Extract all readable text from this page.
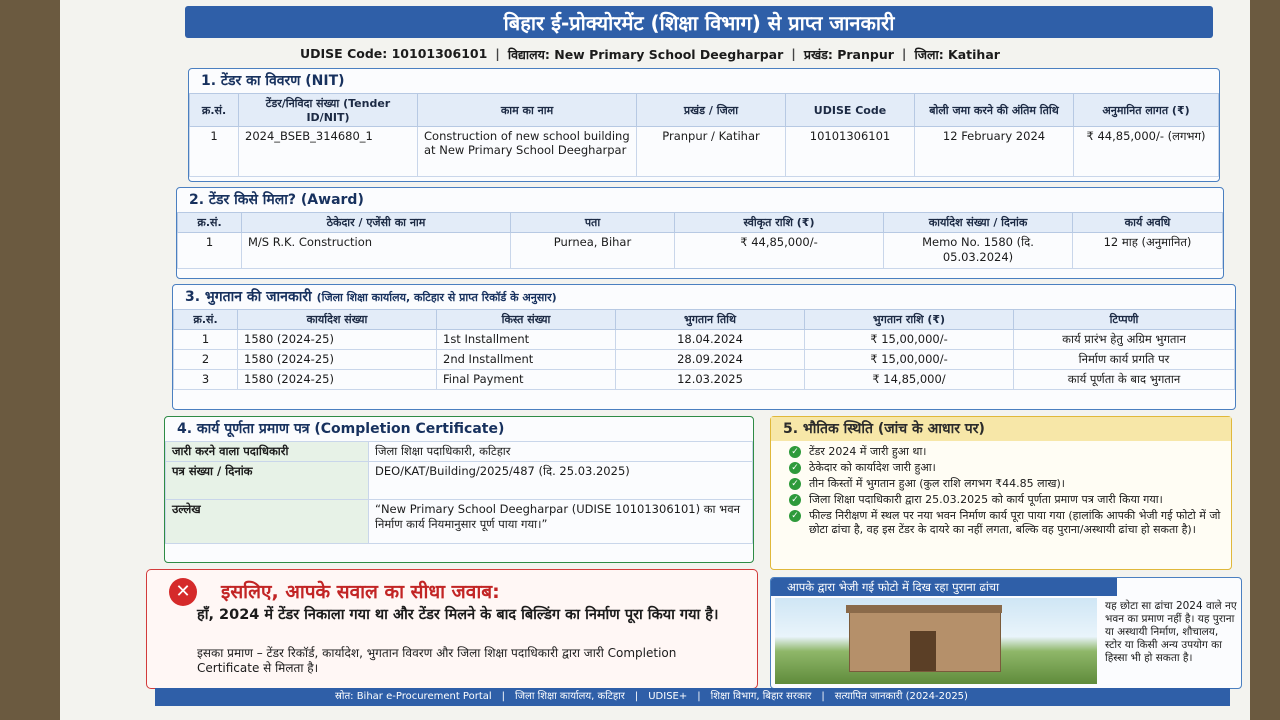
बिहार ई-प्रोक्योरमेंट (शिक्षा विभाग) से प्राप्त जानकारी
UDISE Code: 10101306101 | विद्यालय: New Primary School Deegharpar | प्रखंड: Pranpur | जिला: Katihar
1. टेंडर का विवरण (NIT)
क्र.सं.	टेंडर/निविदा संख्या (Tender ID/NIT)	काम का नाम	प्रखंड / जिला	UDISE Code	बोली जमा करने की अंतिम तिथि	अनुमानित लागत (₹)
1	2024_BSEB_314680_1	Construction of new school building at New Primary School Deegharpar	Pranpur / Katihar	10101306101	12 February 2024	₹ 44,85,000/- (लगभग)
2. टेंडर किसे मिला? (Award)
क्र.सं.	ठेकेदार / एजेंसी का नाम	पता	स्वीकृत राशि (₹)	कार्यादेश संख्या / दिनांक	कार्य अवधि
1	M/S R.K. Construction	Purnea, Bihar	₹ 44,85,000/-	Memo No. 1580 (दि. 05.03.2024)	12 माह (अनुमानित)
3. भुगतान की जानकारी (जिला शिक्षा कार्यालय, कटिहार से प्राप्त रिकॉर्ड के अनुसार)
क्र.सं.	कार्यादेश संख्या	किस्त संख्या	भुगतान तिथि	भुगतान राशि (₹)	टिप्पणी
1	1580 (2024-25)	1st Installment	18.04.2024	₹ 15,00,000/-	कार्य प्रारंभ हेतु अग्रिम भुगतान
2	1580 (2024-25)	2nd Installment	28.09.2024	₹ 15,00,000/-	निर्माण कार्य प्रगति पर
3	1580 (2024-25)	Final Payment	12.03.2025	₹ 14,85,000/	कार्य पूर्णता के बाद भुगतान
4. कार्य पूर्णता प्रमाण पत्र (Completion Certificate)
जारी करने वाला पदाधिकारी	जिला शिक्षा पदाधिकारी, कटिहार
पत्र संख्या / दिनांक	DEO/KAT/Building/2025/487 (दि. 25.03.2025)
उल्लेख	“New Primary School Deegharpar (UDISE 10101306101) का भवन निर्माण कार्य नियमानुसार पूर्ण पाया गया।”
5. भौतिक स्थिति (जांच के आधार पर)
✓ टेंडर 2024 में जारी हुआ था।
✓ ठेकेदार को कार्यादेश जारी हुआ।
✓ तीन किस्तों में भुगतान हुआ (कुल राशि लगभग ₹44.85 लाख)।
✓ जिला शिक्षा पदाधिकारी द्वारा 25.03.2025 को कार्य पूर्णता प्रमाण पत्र जारी किया गया।
✓ फील्ड निरीक्षण में स्थल पर नया भवन निर्माण कार्य पूरा पाया गया (हालांकि आपकी भेजी गई फोटो में जो छोटा ढांचा है, वह इस टेंडर के दायरे का नहीं लगता, बल्कि वह पुराना/अस्थायी ढांचा हो सकता है)।
✕	इसलिए, आपके सवाल का सीधा जवाब:
हाँ, 2024 में टेंडर निकाला गया था और टेंडर मिलने के बाद बिल्डिंग का निर्माण पूरा किया गया है।
इसका प्रमाण – टेंडर रिकॉर्ड, कार्यादेश, भुगतान विवरण और जिला शिक्षा पदाधिकारी द्वारा जारी Completion Certificate से मिलता है।
आपके द्वारा भेजी गई फोटो में दिख रहा पुराना ढांचा
यह छोटा सा ढांचा 2024 वाले नए भवन का प्रमाण नहीं है। यह पुराना या अस्थायी निर्माण, शौचालय, स्टोर या किसी अन्य उपयोग का हिस्सा भी हो सकता है।
स्रोत: Bihar e-Procurement Portal | जिला शिक्षा कार्यालय, कटिहार | UDISE+ | शिक्षा विभाग, बिहार सरकार | सत्यापित जानकारी (2024-2025)
